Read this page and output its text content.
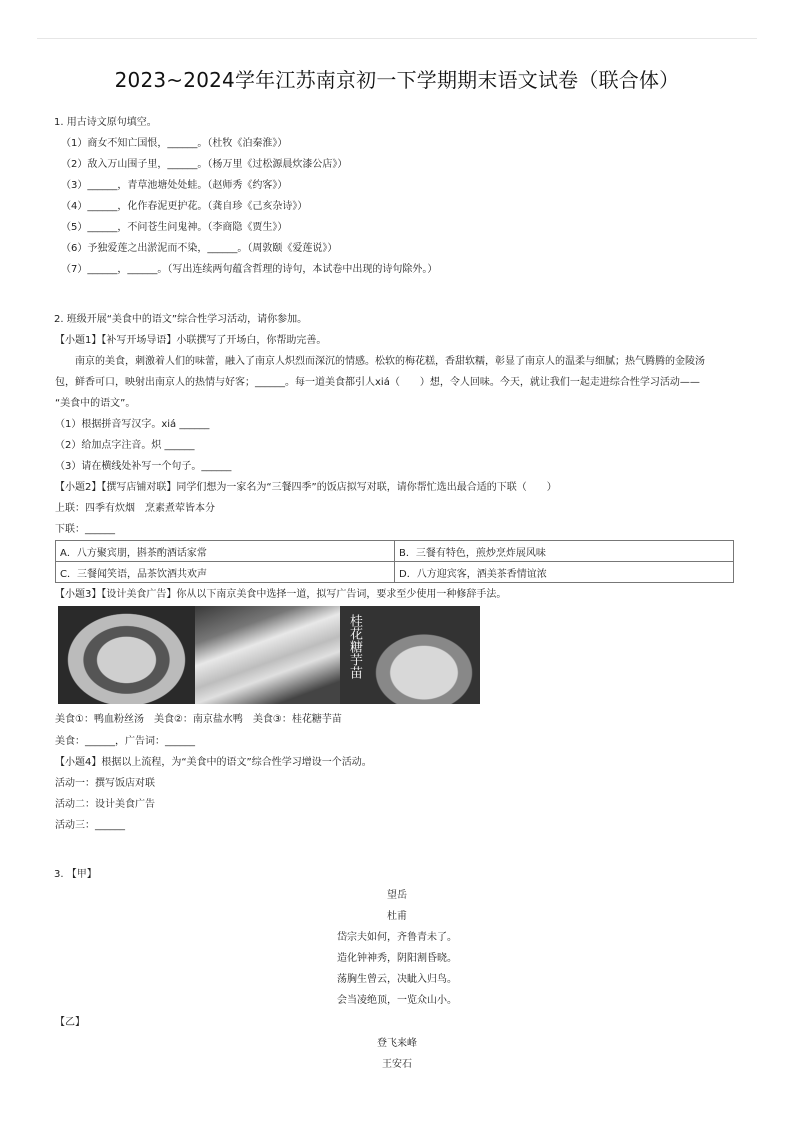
2023~2024学年江苏南京初一下学期期末语文试卷（联合体）
1. 用古诗文原句填空。
（1）商女不知亡国恨，______。（杜牧《泊秦淮》）
（2）敌入万山围子里，______。（杨万里《过松源晨炊漆公店》）
（3）______，青草池塘处处蛙。（赵师秀《约客》）
（4）______，化作春泥更护花。（龚自珍《己亥杂诗》）
（5）______，不问苍生问鬼神。（李商隐《贾生》）
（6）予独爱莲之出淤泥而不染，______。（周敦颐《爱莲说》）
（7）______，______。（写出连续两句蕴含哲理的诗句，本试卷中出现的诗句除外。）
2. 班级开展“美食中的语文”综合性学习活动，请你参加。
【小题1】【补写开场导语】小联撰写了开场白，你帮助完善。
南京的美食，刺激着人们的味蕾，融入了南京人炽烈而深沉的情感。松软的梅花糕，香甜软糯，彰显了南京人的温柔与细腻；热气腾腾的金陵汤
包，鲜香可口，映射出南京人的热情与好客；______。每一道美食都引人xiá（　　）想，令人回味。今天，就让我们一起走进综合性学习活动——
“美食中的语文”。
（1）根据拼音写汉字。xiá ______
（2）给加点字注音。炽 ______
（3）请在横线处补写一个句子。______
【小题2】【撰写店铺对联】同学们想为一家名为“三餐四季”的饭店拟写对联，请你帮忙选出最合适的下联（　　）
上联：四季有炊烟　烹素煮荤皆本分
下联：______
A．八方聚宾朋，斟茶酌酒话家常	B．三餐有特色，煎炒烹炸展风味
C．三餐闻笑语，品茶饮酒共欢声	D．八方迎宾客，酒美茶香情谊浓
【小题3】【设计美食广告】你从以下南京美食中选择一道，拟写广告词，要求至少使用一种修辞手法。
桂花糖芋苗
美食①：鸭血粉丝汤　美食②：南京盐水鸭　美食③：桂花糖芋苗
美食：______，广告词：______
【小题4】根据以上流程，为“美食中的语文”综合性学习增设一个活动。
活动一：撰写饭店对联
活动二：设计美食广告
活动三：______
3. 【甲】
望岳
杜甫
岱宗夫如何，齐鲁青未了。
造化钟神秀，阴阳割昏晓。
荡胸生曾云，决眦入归鸟。
会当凌绝顶，一览众山小。
【乙】
登飞来峰
王安石
